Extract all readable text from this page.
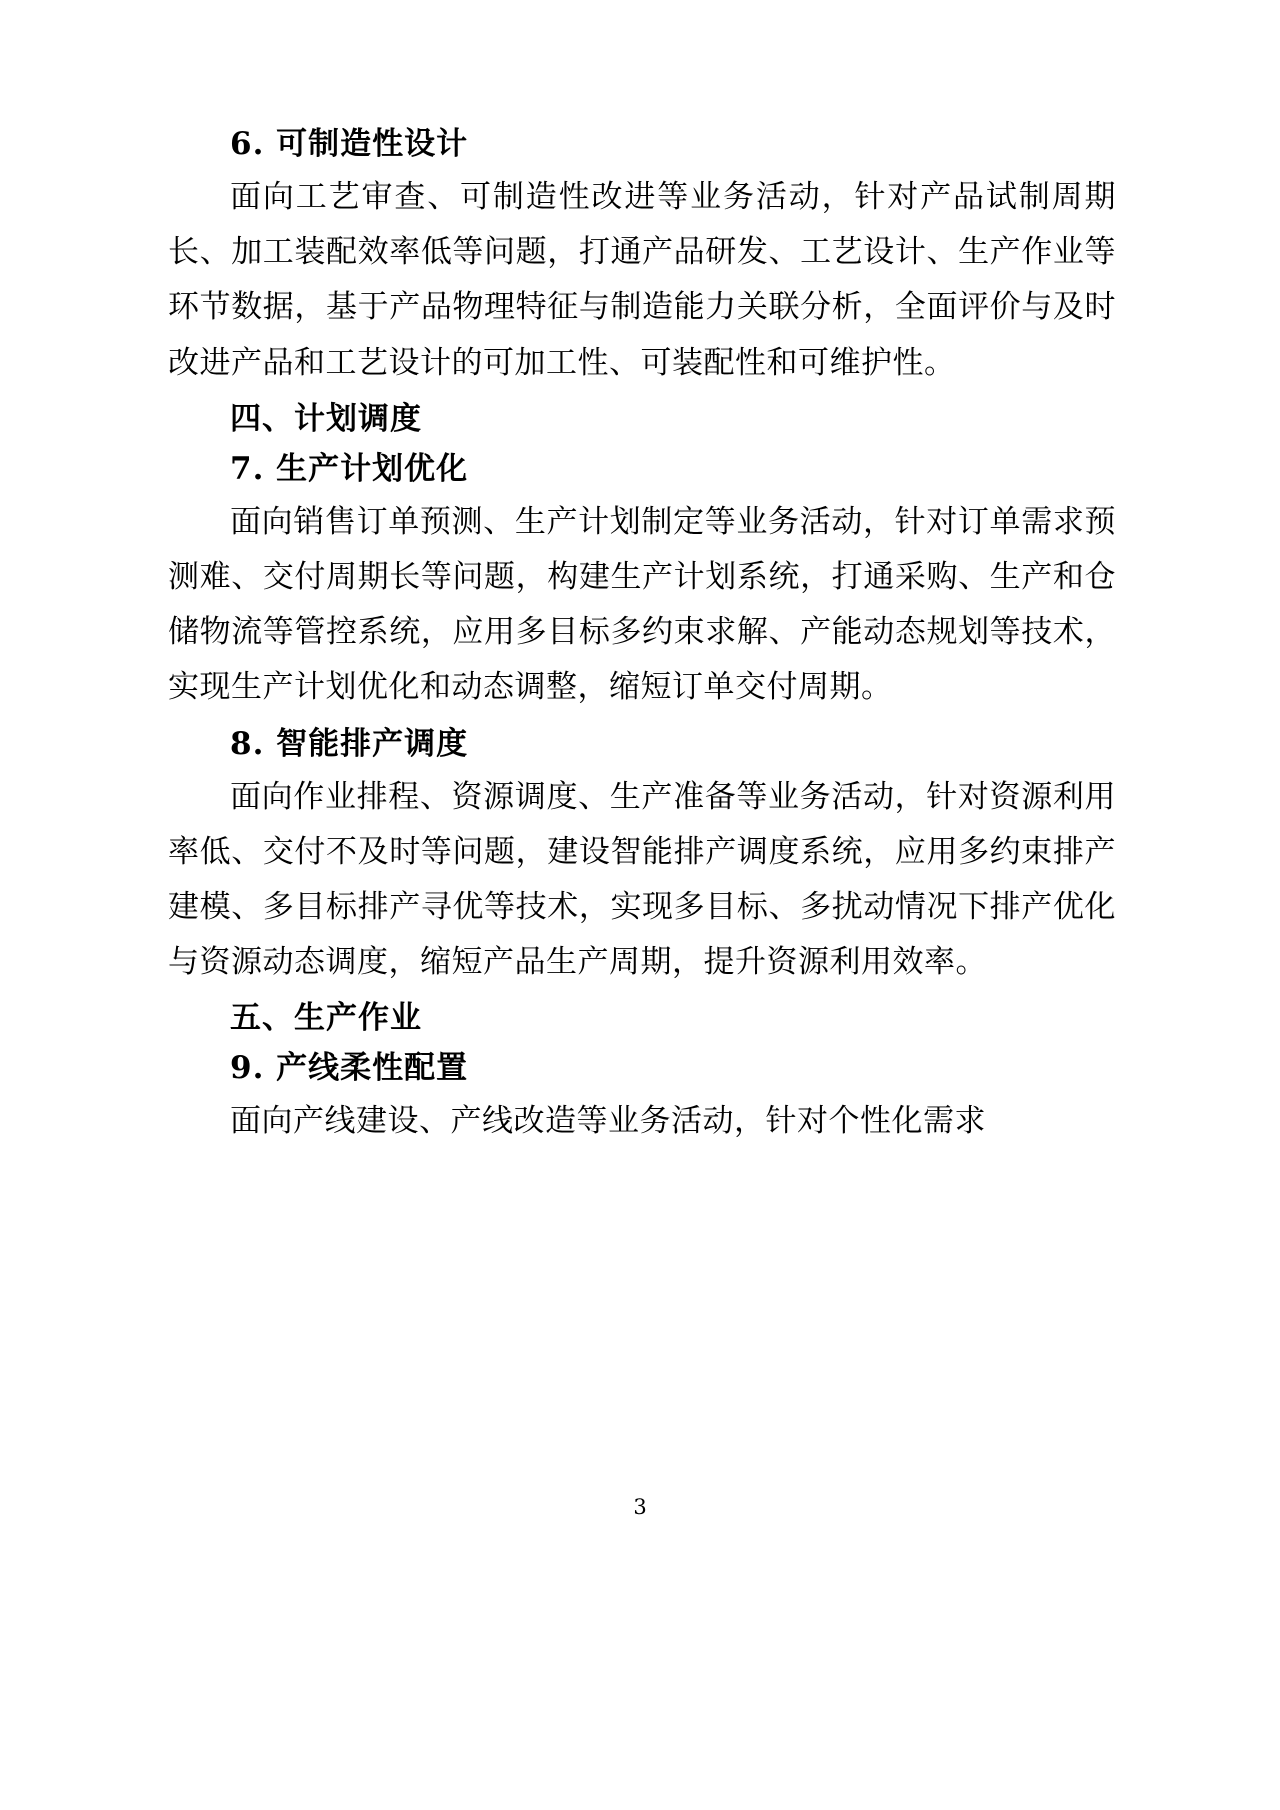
6. 可制造性设计

面向工艺审查、可制造性改进等业务活动，针对产品试制周期长、加工装配效率低等问题，打通产品研发、工艺设计、生产作业等环节数据，基于产品物理特征与制造能力关联分析，全面评价与及时改进产品和工艺设计的可加工性、可装配性和可维护性。

四、计划调度

7. 生产计划优化

面向销售订单预测、生产计划制定等业务活动，针对订单需求预测难、交付周期长等问题，构建生产计划系统，打通采购、生产和仓储物流等管控系统，应用多目标多约束求解、产能动态规划等技术，实现生产计划优化和动态调整，缩短订单交付周期。

8. 智能排产调度

面向作业排程、资源调度、生产准备等业务活动，针对资源利用率低、交付不及时等问题，建设智能排产调度系统，应用多约束排产建模、多目标排产寻优等技术，实现多目标、多扰动情况下排产优化与资源动态调度，缩短产品生产周期，提升资源利用效率。

五、生产作业

9. 产线柔性配置

面向产线建设、产线改造等业务活动，针对个性化需求

3
